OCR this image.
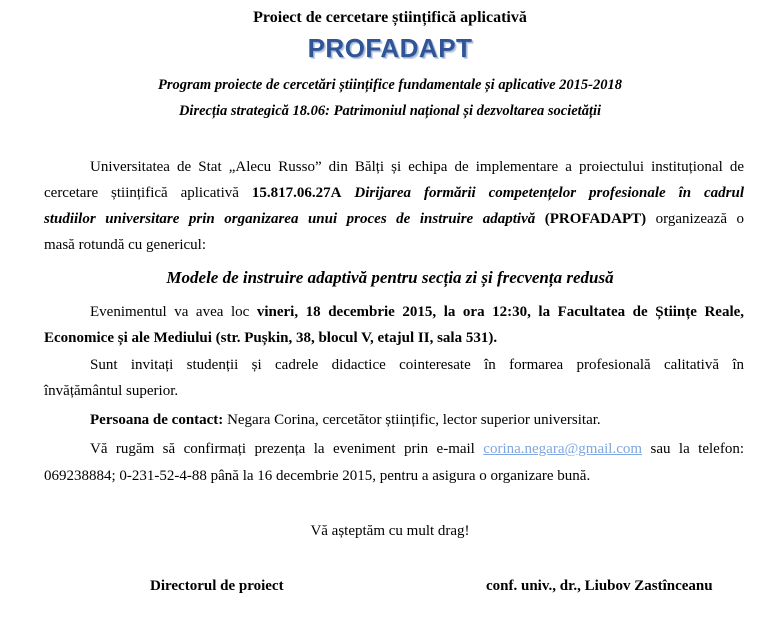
Proiect de cercetare științifică aplicativă
PROFADAPT
Program proiecte de cercetări științifice fundamentale și aplicative 2015-2018
Direcția strategică 18.06: Patrimoniul național și dezvoltarea societății
Universitatea de Stat „Alecu Russo” din Bălți și echipa de implementare a proiectului instituțional de
cercetare științifică aplicativă 15.817.06.27A Dirijarea formării competențelor profesionale în cadrul
studiilor universitare prin organizarea unui proces de instruire adaptivă (PROFADAPT) organizează o
masă rotundă cu genericul:
Modele de instruire adaptivă pentru secția zi și frecvența redusă
Evenimentul va avea loc vineri, 18 decembrie 2015, la ora 12:30, la Facultatea de Științe Reale,
Economice și ale Mediului (str. Pușkin, 38, blocul V, etajul II, sala 531).
Sunt invitați studenții și cadrele didactice cointeresate în formarea profesională calitativă în
învățământul superior.
Persoana de contact: Negara Corina, cercetător științific, lector superior universitar.
Vă rugăm să confirmați prezența la eveniment prin e-mail corina.negara@gmail.com sau la telefon:
069238884; 0-231-52-4-88 până la 16 decembrie 2015, pentru a asigura o organizare bună.
Vă așteptăm cu mult drag!
Directorul de proiect	conf. univ., dr., Liubov Zastînceanu
